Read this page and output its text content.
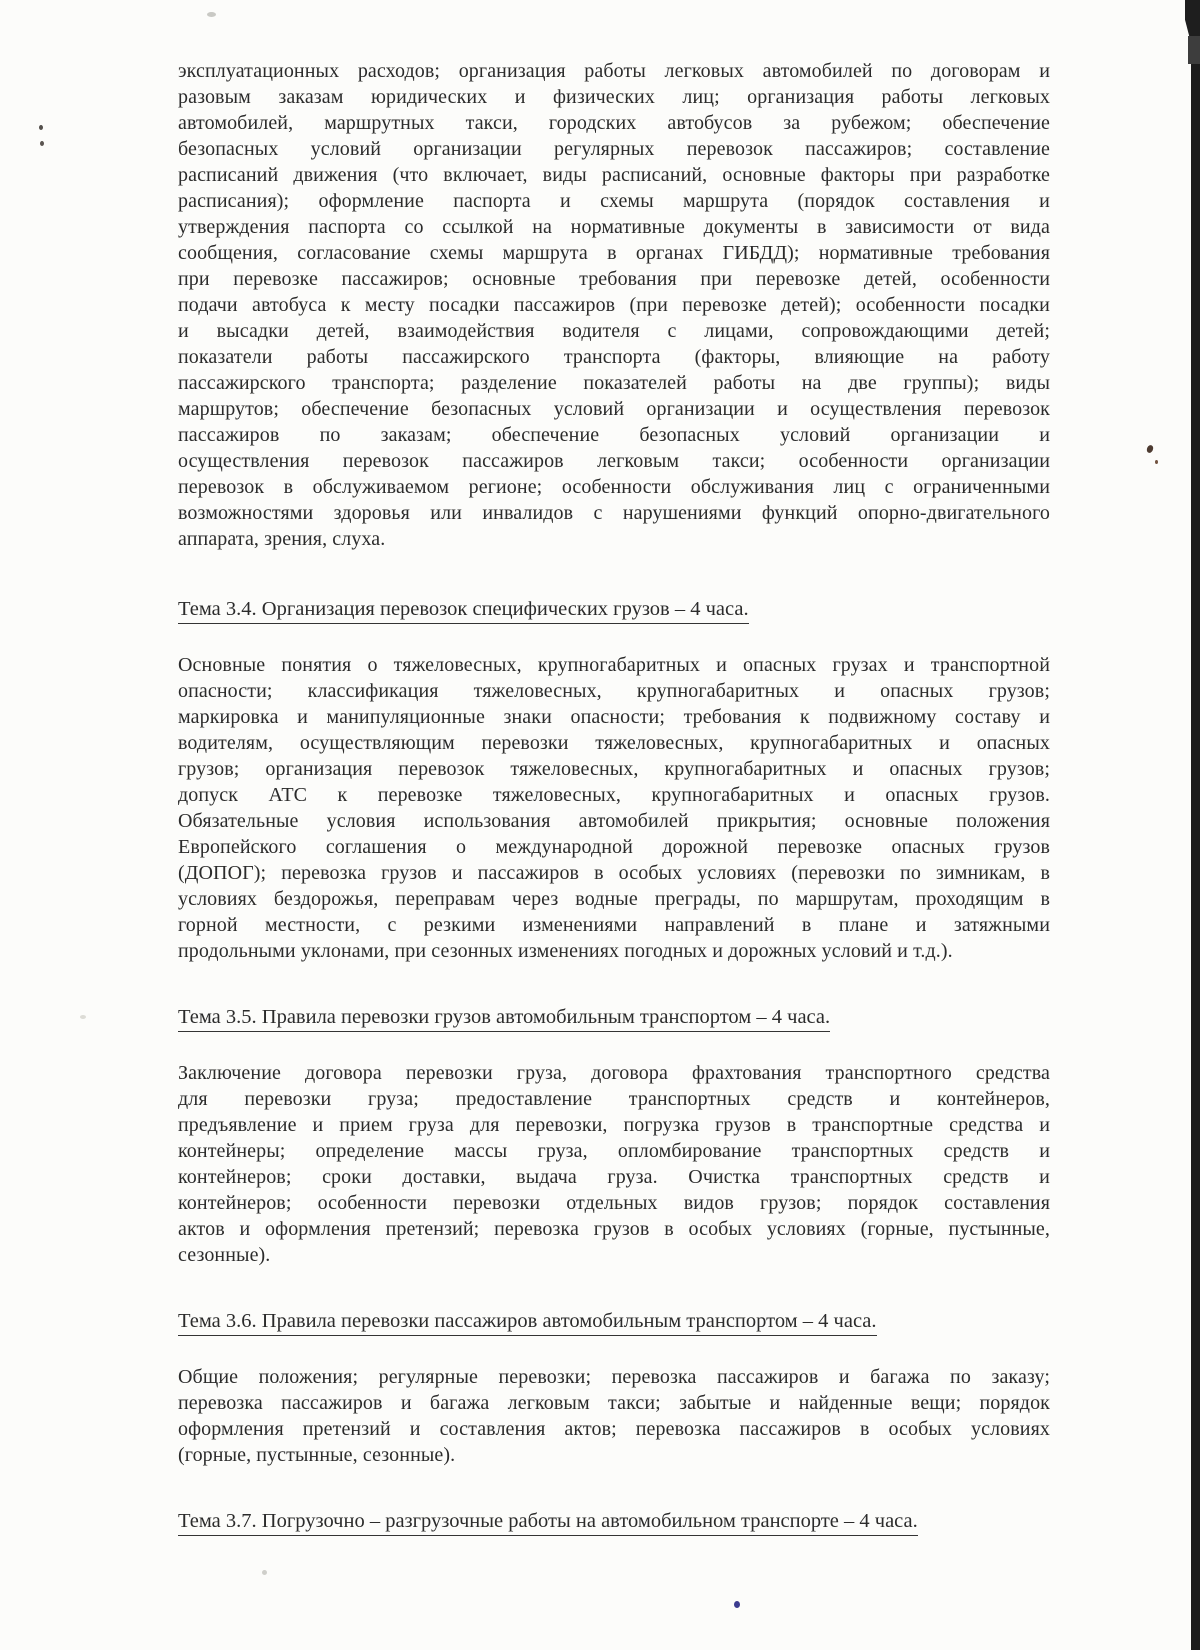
эксплуатационных расходов; организация работы легковых автомобилей по договорам и
разовым заказам юридических и физических лиц; организация работы легковых
автомобилей, маршрутных такси, городских автобусов за рубежом; обеспечение
безопасных условий организации регулярных перевозок пассажиров; составление
расписаний движения (что включает, виды расписаний, основные факторы при разработке
расписания); оформление паспорта и схемы маршрута (порядок составления и
утверждения паспорта со ссылкой на нормативные документы в зависимости от вида
сообщения, согласование схемы маршрута в органах ГИБДД); нормативные требования
при перевозке пассажиров; основные требования при перевозке детей, особенности
подачи автобуса к месту посадки пассажиров (при перевозке детей); особенности посадки
и высадки детей, взаимодействия водителя с лицами, сопровождающими детей;
показатели работы пассажирского транспорта (факторы, влияющие на работу
пассажирского транспорта; разделение показателей работы на две группы); виды
маршрутов; обеспечение безопасных условий организации и осуществления перевозок
пассажиров по заказам; обеспечение безопасных условий организации и
осуществления перевозок пассажиров легковым такси; особенности организации
перевозок в обслуживаемом регионе; особенности обслуживания лиц с ограниченными
возможностями здоровья или инвалидов с нарушениями функций опорно-двигательного
аппарата, зрения, слуха.
Тема 3.4. Организация перевозок специфических грузов – 4 часа.
Основные понятия о тяжеловесных, крупногабаритных и опасных грузах и транспортной
опасности; классификация тяжеловесных, крупногабаритных и опасных грузов;
маркировка и манипуляционные знаки опасности; требования к подвижному составу и
водителям, осуществляющим перевозки тяжеловесных, крупногабаритных и опасных
грузов; организация перевозок тяжеловесных, крупногабаритных и опасных грузов;
допуск АТС к перевозке тяжеловесных, крупногабаритных и опасных грузов.
Обязательные условия использования автомобилей прикрытия; основные положения
Европейского соглашения о международной дорожной перевозке опасных грузов
(ДОПОГ); перевозка грузов и пассажиров в особых условиях (перевозки по зимникам, в
условиях бездорожья, переправам через водные преграды, по маршрутам, проходящим в
горной местности, с резкими изменениями направлений в плане и затяжными
продольными уклонами, при сезонных изменениях погодных и дорожных условий и т.д.).
Тема 3.5. Правила перевозки грузов автомобильным транспортом – 4 часа.
Заключение договора перевозки груза, договора фрахтования транспортного средства
для перевозки груза; предоставление транспортных средств и контейнеров,
предъявление и прием груза для перевозки, погрузка грузов в транспортные средства и
контейнеры; определение массы груза, опломбирование транспортных средств и
контейнеров; сроки доставки, выдача груза. Очистка транспортных средств и
контейнеров; особенности перевозки отдельных видов грузов; порядок составления
актов и оформления претензий; перевозка грузов в особых условиях (горные, пустынные,
сезонные).
Тема 3.6. Правила перевозки пассажиров автомобильным транспортом – 4 часа.
Общие положения; регулярные перевозки; перевозка пассажиров и багажа по заказу;
перевозка пассажиров и багажа легковым такси; забытые и найденные вещи; порядок
оформления претензий и составления актов; перевозка пассажиров в особых условиях
(горные, пустынные, сезонные).
Тема 3.7. Погрузочно – разгрузочные работы на автомобильном транспорте – 4 часа.
